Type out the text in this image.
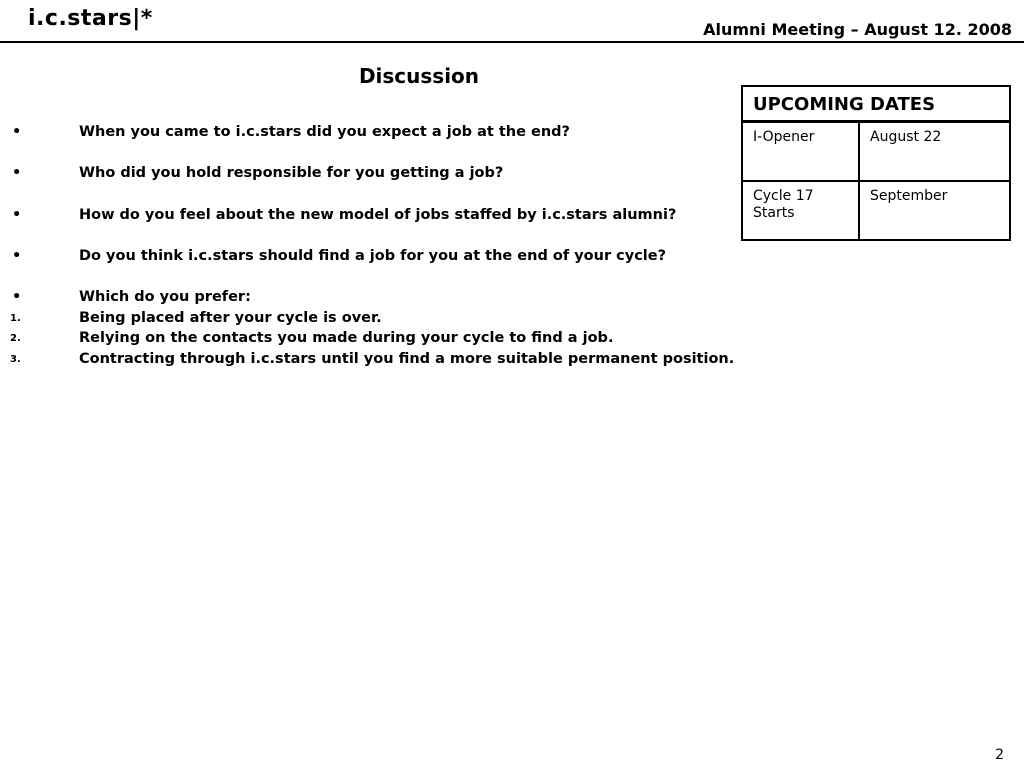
i.c.stars|*	Alumni Meeting – August 12. 2008
Discussion
•	When you came to i.c.stars did you expect a job at the end?
•	Who did you hold responsible for you getting a job?
•	How do you feel about the new model of jobs staffed by i.c.stars alumni?
•	Do you think i.c.stars should find a job for you at the end of your cycle?
•	Which do you prefer:
1.	Being placed after your cycle is over.
2.	Relying on the contacts you made during your cycle to find a job.
3.	Contracting through i.c.stars until you find a more suitable permanent position.
UPCOMING DATES	
I-Opener	August 22
Cycle 17 Starts	September
2
